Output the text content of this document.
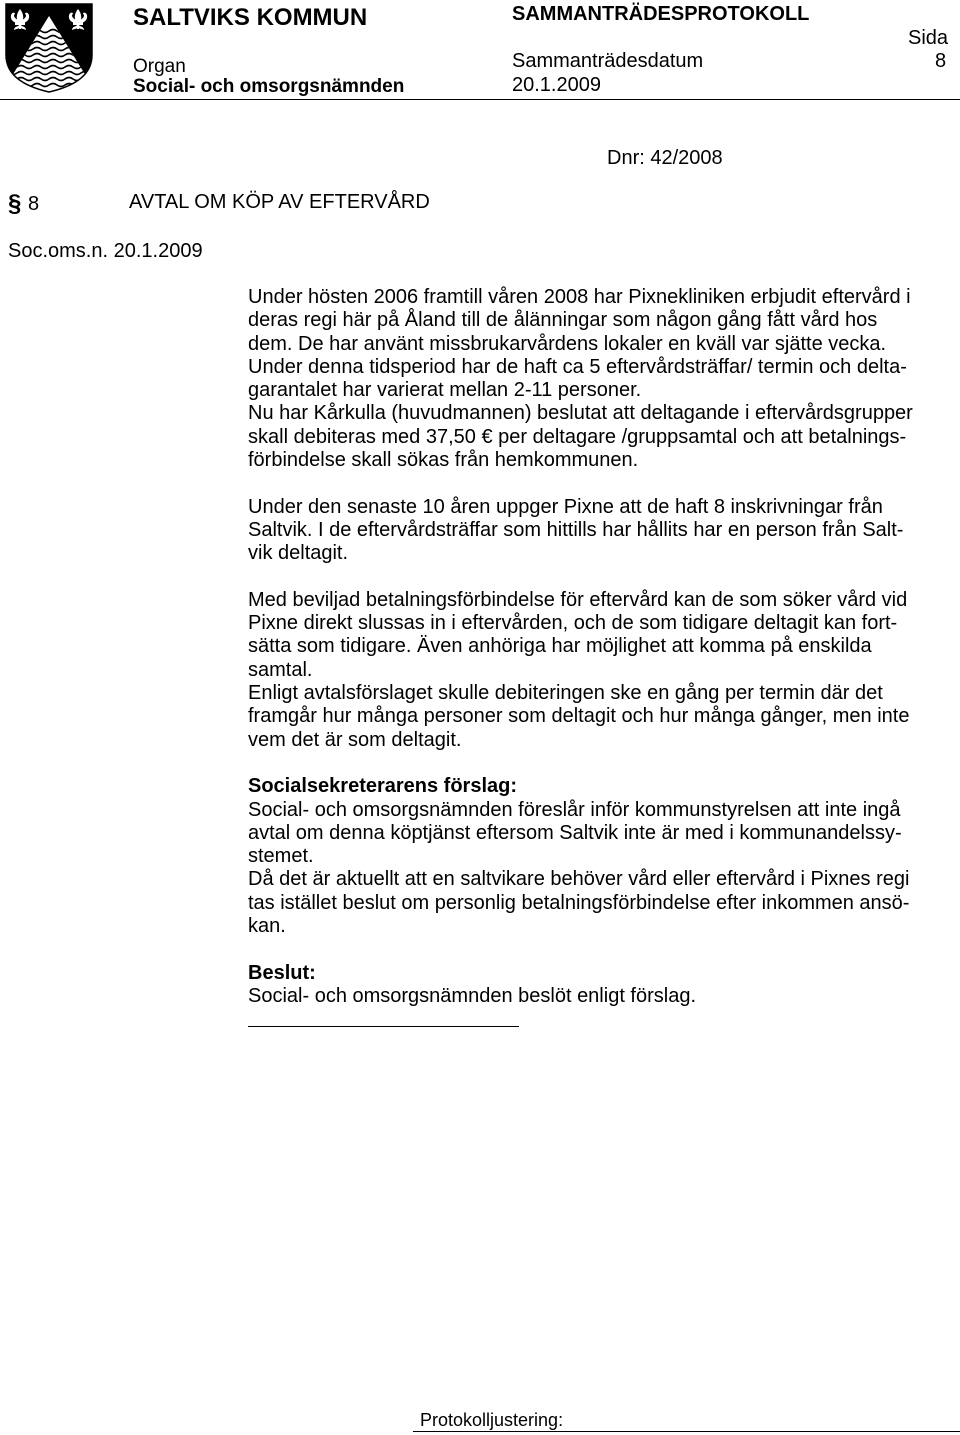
SALTVIKS KOMMUN	SAMMANTRÄDESPROTOKOLL
Sida
8
Organ
Social- och omsorgsnämnden
Sammanträdesdatum
20.1.2009
Dnr: 42/2008
§ 8	AVTAL OM KÖP AV EFTERVÅRD
Soc.oms.n. 20.1.2009
Under hösten 2006 framtill våren 2008 har Pixnekliniken erbjudit eftervård i
deras regi här på Åland till de ålänningar som någon gång fått vård hos
dem. De har använt missbrukarvårdens lokaler en kväll var sjätte vecka.
Under denna tidsperiod har de haft ca 5 eftervårdsträffar/ termin och delta-
garantalet har varierat mellan 2-11 personer.
Nu har Kårkulla (huvudmannen) beslutat att deltagande i eftervårdsgrupper
skall debiteras med 37,50 € per deltagare /gruppsamtal och att betalnings-
förbindelse skall sökas från hemkommunen.
Under den senaste 10 åren uppger Pixne att de haft 8 inskrivningar från
Saltvik. I de eftervårdsträffar som hittills har hållits har en person från Salt-
vik deltagit.
Med beviljad betalningsförbindelse för eftervård kan de som söker vård vid
Pixne direkt slussas in i eftervården, och de som tidigare deltagit kan fort-
sätta som tidigare. Även anhöriga har möjlighet att komma på enskilda
samtal.
Enligt avtalsförslaget skulle debiteringen ske en gång per termin där det
framgår hur många personer som deltagit och hur många gånger, men inte
vem det är som deltagit.
Socialsekreterarens förslag:
Social- och omsorgsnämnden föreslår inför kommunstyrelsen att inte ingå
avtal om denna köptjänst eftersom Saltvik inte är med i kommunandelssy-
stemet.
Då det är aktuellt att en saltvikare behöver vård eller eftervård i Pixnes regi
tas istället beslut om personlig betalningsförbindelse efter inkommen ansö-
kan.
Beslut:
Social- och omsorgsnämnden beslöt enligt förslag.
Protokolljustering:
